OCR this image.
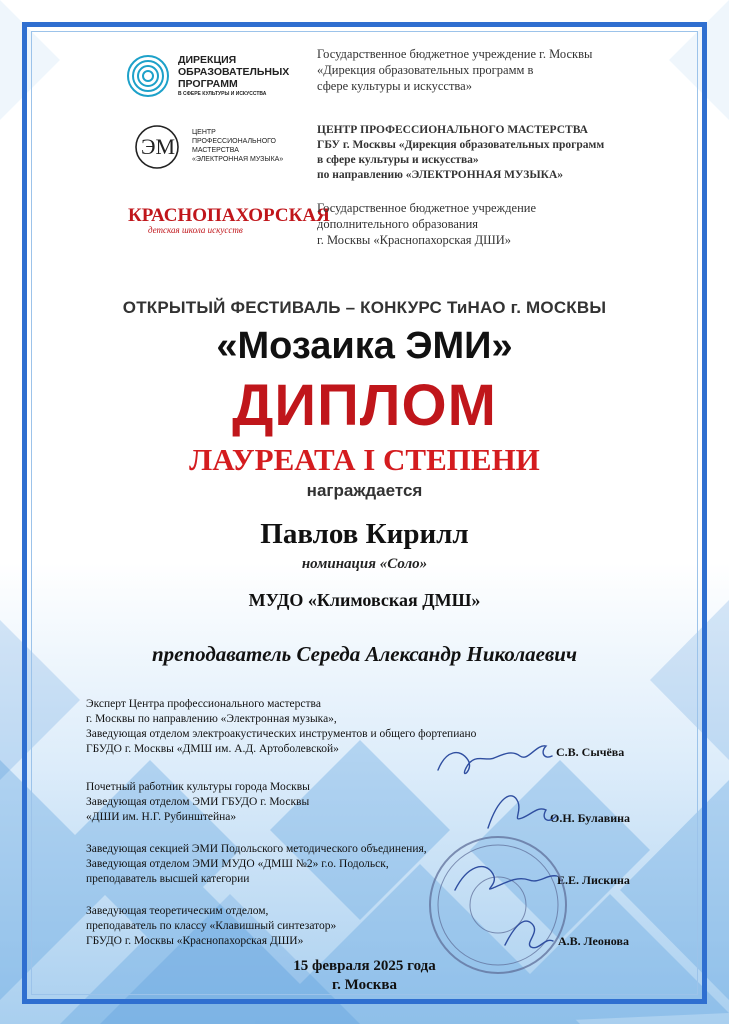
ДИРЕКЦИЯ
ОБРАЗОВАТЕЛЬНЫХ
ПРОГРАММ
В СФЕРЕ КУЛЬТУРЫ И ИСКУССТВА
Государственное бюджетное учреждение г. Москвы
«Дирекция образовательных программ в
сфере культуры и искусства»
ЭМ
ЦЕНТР
ПРОФЕССИОНАЛЬНОГО
МАСТЕРСТВА
«ЭЛЕКТРОННАЯ МУЗЫКА»
ЦЕНТР ПРОФЕССИОНАЛЬНОГО МАСТЕРСТВА
ГБУ г. Москвы «Дирекция образовательных программ
в сфере культуры и искусства»
по направлению «ЭЛЕКТРОННАЯ МУЗЫКА»
КРАСНОПАХОРСКАЯ
детская школа искусств
Государственное бюджетное учреждение
дополнительного образования
г. Москвы «Краснопахорская ДШИ»
ОТКРЫТЫЙ ФЕСТИВАЛЬ – КОНКУРС ТиНАО г. МОСКВЫ
«Мозаика ЭМИ»
ДИПЛОМ
ЛАУРЕАТА I СТЕПЕНИ
награждается
Павлов Кирилл
номинация «Соло»
МУДО «Климовская ДМШ»
преподаватель Середа Александр Николаевич
Эксперт Центра профессионального мастерства
г. Москвы по направлению «Электронная музыка»,
Заведующая отделом электроакустических инструментов и общего фортепиано
ГБУДО г. Москвы «ДМШ им. А.Д. Артоболевской»	С.В. Сычёва
Почетный работник культуры города Москвы
Заведующая отделом ЭМИ ГБУДО г. Москвы
«ДШИ им. Н.Г. Рубинштейна»	О.Н. Булавина
Заведующая секцией ЭМИ Подольского методического объединения,
Заведующая отделом ЭМИ МУДО «ДМШ №2» г.о. Подольск,
преподаватель высшей категории	Е.Е. Лискина
Заведующая теоретическим отделом,
преподаватель по классу «Клавишный синтезатор»
ГБУДО г. Москвы «Краснопахорская ДШИ»	А.В. Леонова
15 февраля 2025 года
г. Москва
